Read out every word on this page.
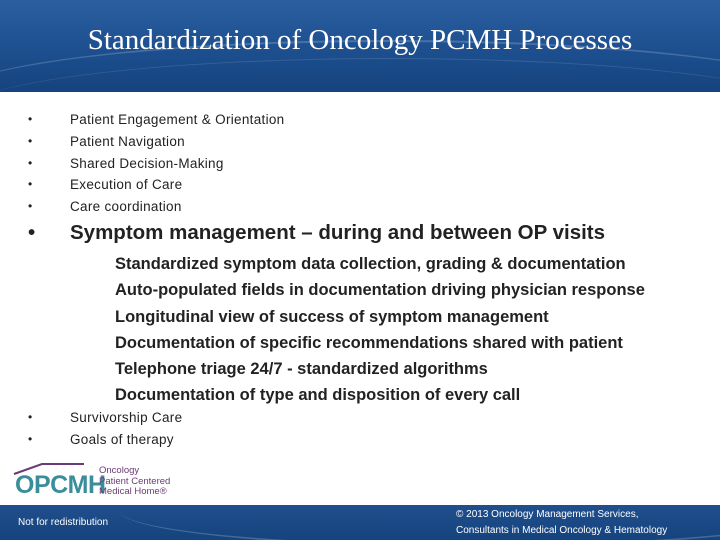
Standardization of Oncology PCMH Processes
•	Patient Engagement & Orientation
•	Patient Navigation
•	Shared Decision-Making
•	Execution of Care
•	Care coordination
• Symptom management – during and between OP visits
Standardized symptom data collection, grading & documentation
Auto-populated fields in documentation driving physician response
Longitudinal view of success of symptom management
Documentation of specific recommendations shared with patient
Telephone triage 24/7 - standardized algorithms
Documentation of type and disposition of every call
•	Survivorship Care
•	Goals of therapy
OPCMH
Oncology
Patient Centered
Medical Home®
Not for redistribution
© 2013 Oncology Management Services,
Consultants in Medical Oncology & Hematology
